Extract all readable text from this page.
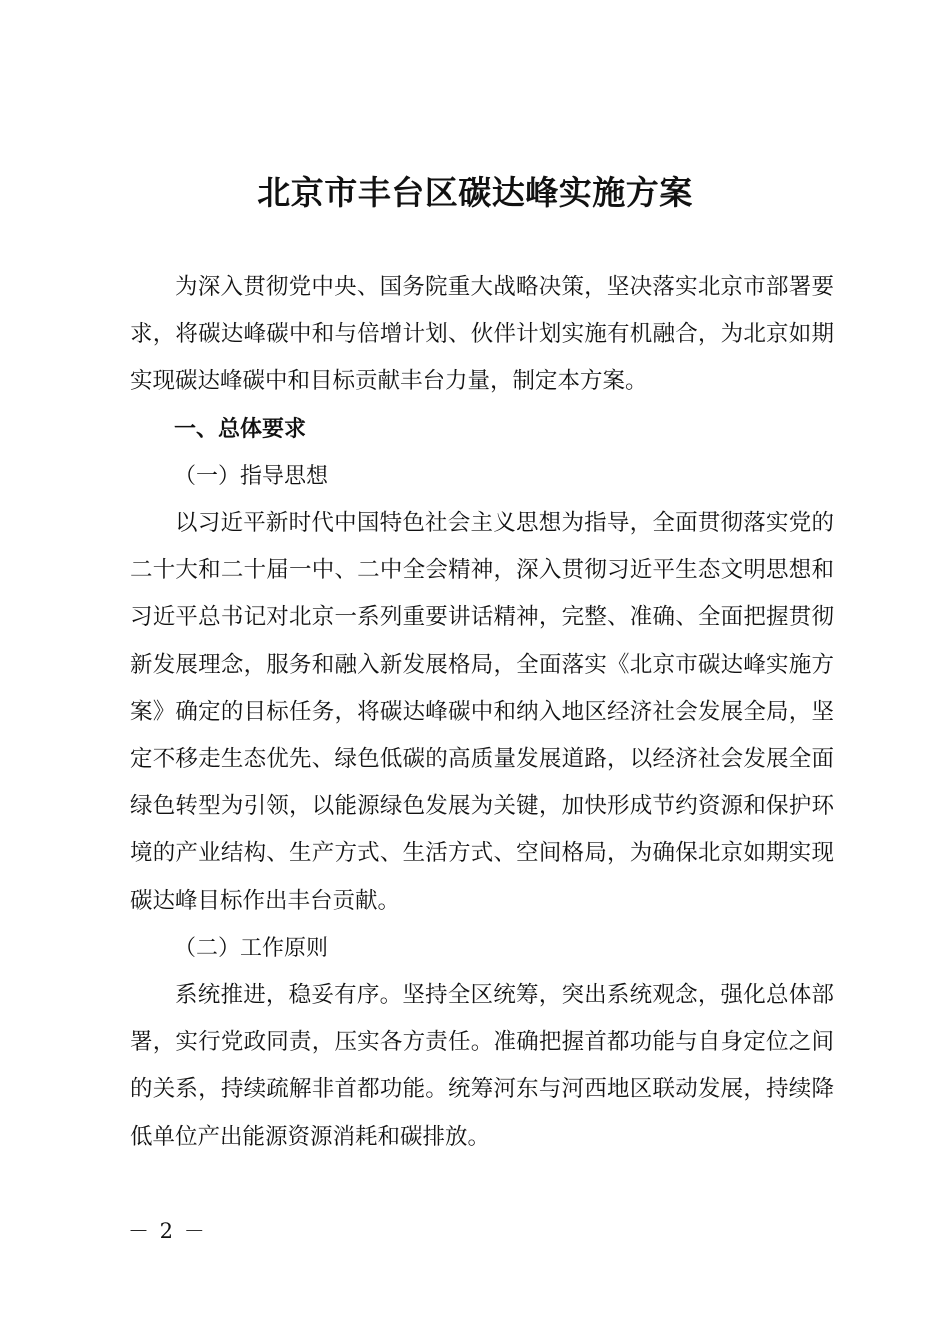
北京市丰台区碳达峰实施方案

为深入贯彻党中央、国务院重大战略决策，坚决落实北京市部署要求，将碳达峰碳中和与倍增计划、伙伴计划实施有机融合，为北京如期实现碳达峰碳中和目标贡献丰台力量，制定本方案。

一、总体要求

（一）指导思想

以习近平新时代中国特色社会主义思想为指导，全面贯彻落实党的二十大和二十届一中、二中全会精神，深入贯彻习近平生态文明思想和习近平总书记对北京一系列重要讲话精神，完整、准确、全面把握贯彻新发展理念，服务和融入新发展格局，全面落实《北京市碳达峰实施方案》确定的目标任务，将碳达峰碳中和纳入地区经济社会发展全局，坚定不移走生态优先、绿色低碳的高质量发展道路，以经济社会发展全面绿色转型为引领，以能源绿色发展为关键，加快形成节约资源和保护环境的产业结构、生产方式、生活方式、空间格局，为确保北京如期实现碳达峰目标作出丰台贡献。

（二）工作原则

系统推进，稳妥有序。坚持全区统筹，突出系统观念，强化总体部署，实行党政同责，压实各方责任。准确把握首都功能与自身定位之间的关系，持续疏解非首都功能。统筹河东与河西地区联动发展，持续降低单位产出能源资源消耗和碳排放。

－ 2 －
